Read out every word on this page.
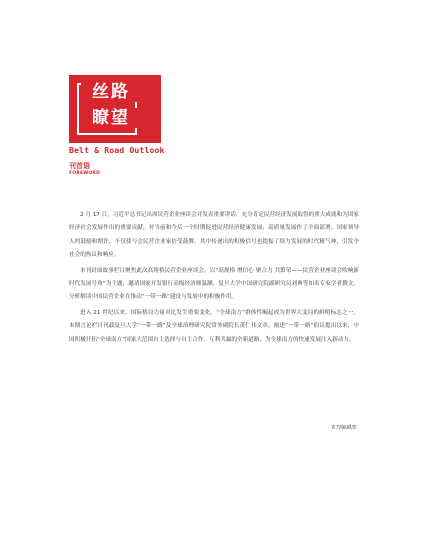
丝路
瞭望
Belt & Road Outlook
刊首语
FOREWORD

2 月 17 日，习近平总书记出席民营企业座谈会并发表重要讲话，充分肯定民营经济发展取得的重大成就和为国家经济社会发展作出的重要贡献，对当前和今后一个时期促进民营经济健康发展、高质量发展作了全面部署。国家领导人的鼓励和期许，不仅使与会民营企业家倍受鼓舞，其中传递出的积极信号也提振了续力发展的时代精气神，引发全社会的热议和响应。

本刊封面故事栏目聚焦此次高规格民营企业座谈会，以“高规格 增信心 聚合力 共繁荣——民营企业座谈会吹响新时代发展号角”为主题，邀请国家开发银行高级经济师温灏、复旦大学中国研究院副研究员刘典等知名专家学者撰文，分析解读中国民营企业在推动“一带一路”建设与发展中的积极作用。

进入 21 世纪以来，国际格局力量对比发生重要变化，“全球南方”群体性崛起成为世界大变局的鲜明标志之一。本期言论栏目刊载复旦大学“一带一路”及全球治理研究院常务副院长黄仁伟文章，阐述“一带一路”倡议提出以来，中国积极开拓“全球南方”国家大范围自主选择与自主合作、互利共赢的全新道路，为全球南方的快速发展注入新动力。

本刊编辑部
